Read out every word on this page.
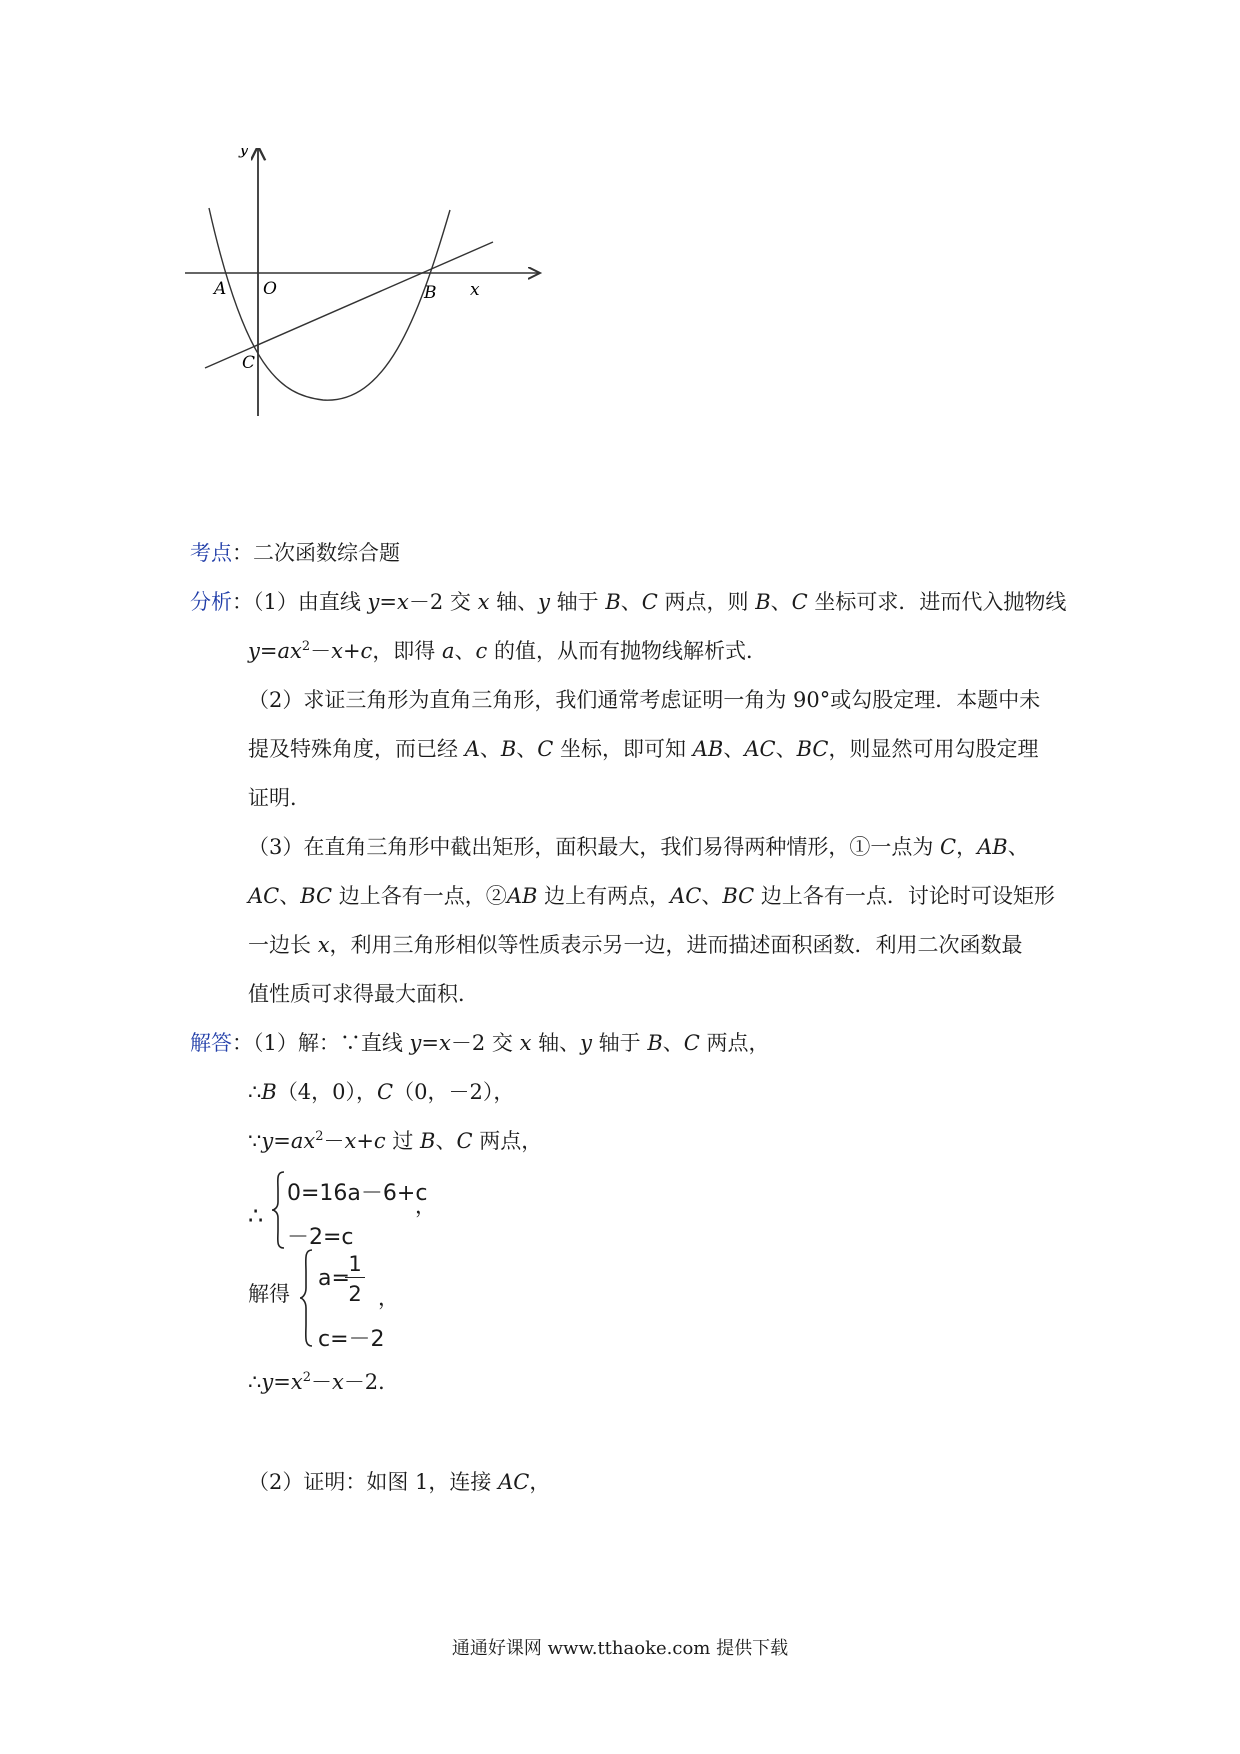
y
x
A O	B
C
考点：二次函数综合题
分析：（1）由直线 y=x－2 交 x 轴、y 轴于 B、C 两点，则 B、C 坐标可求．进而代入抛物线
$y=ax^2-x+c$，即得 a、c 的值，从而有抛物线解析式．
（2）求证三角形为直角三角形，我们通常考虑证明一角为 90°或勾股定理．本题中未
提及特殊角度，而已经 A、B、C 坐标，即可知 AB、AC、BC，则显然可用勾股定理
证明．
（3）在直角三角形中截出矩形，面积最大，我们易得两种情形，①一点为 C，AB、
AC、BC 边上各有一点，②AB 边上有两点，AC、BC 边上各有一点．讨论时可设矩形
一边长 x，利用三角形相似等性质表示另一边，进而描述面积函数．利用二次函数最
值性质可求得最大面积．
解答：（1）解：∵直线 y=x－2 交 x 轴、y 轴于 B、C 两点，
∴B（4，0），C（0，－2），
$\because y=ax^2-x+c$ 过 B、C 两点，
∴
0=16a－6+c
－2=c
，
解得
a=
1
2
c=－2
，
$\therefore y=x^2-x-2$．
（2）证明：如图 1，连接 AC，
通通好课网 www.tthaoke.com 提供下载
